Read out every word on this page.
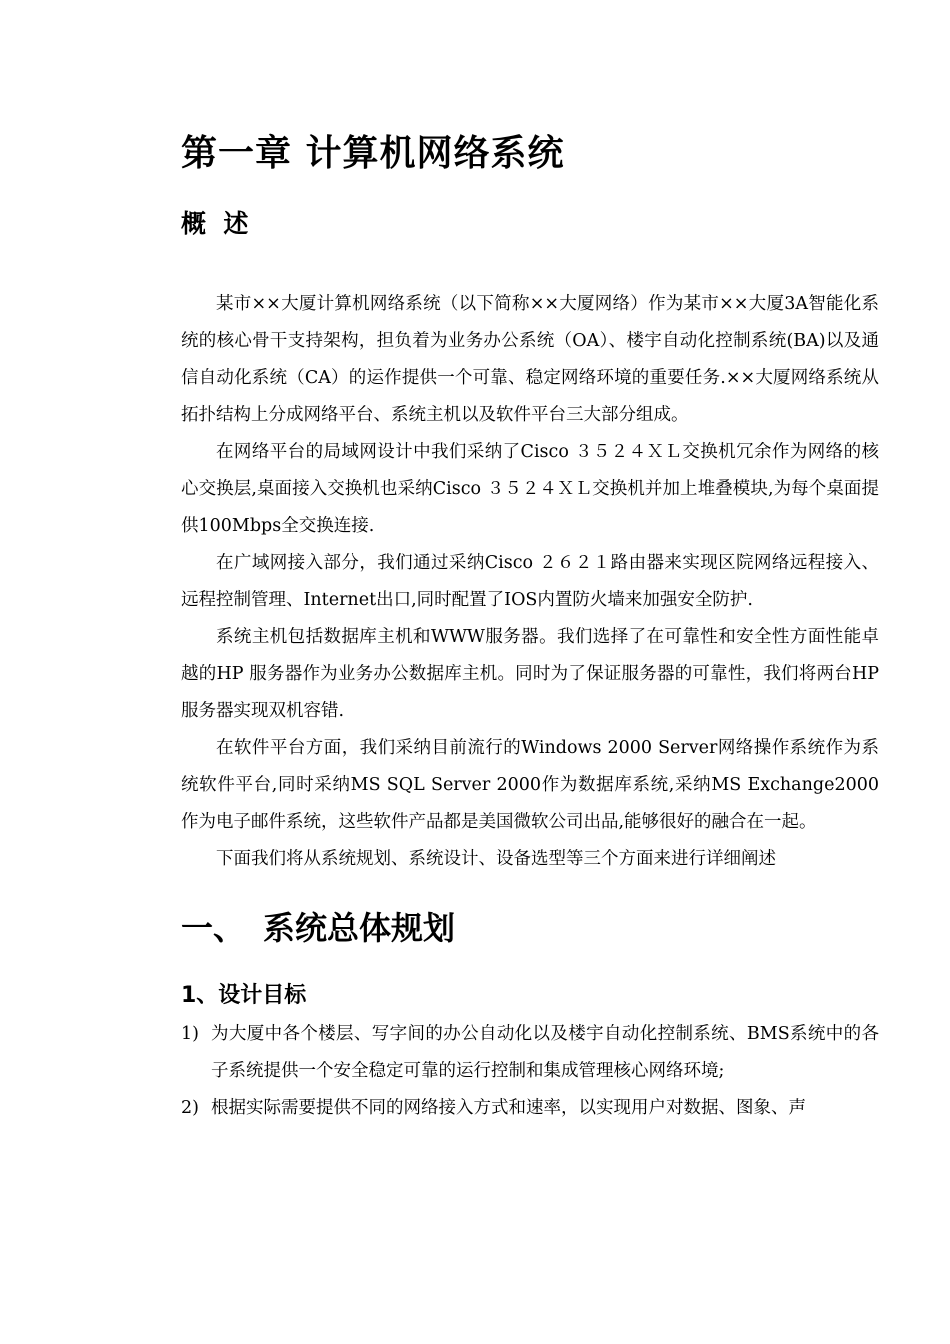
第一章 计算机网络系统
概  述

某市××大厦计算机网络系统（以下简称××大厦网络）作为某市××大厦3A智能化系统的核心骨干支持架构，担负着为业务办公系统（OA）、楼宇自动化控制系统(BA)以及通信自动化系统（CA）的运作提供一个可靠、稳定网络环境的重要任务.××大厦网络系统从拓扑结构上分成网络平台、系统主机以及软件平台三大部分组成。

在网络平台的局域网设计中我们采纳了Cisco ３５２４ＸＬ交换机冗余作为网络的核心交换层,桌面接入交换机也采纳Cisco ３５２４ＸＬ交换机并加上堆叠模块,为每个桌面提供100Mbps全交换连接.

在广域网接入部分，我们通过采纳Cisco ２６２１路由器来实现区院网络远程接入、远程控制管理、Internet出口,同时配置了IOS内置防火墙来加强安全防护.

系统主机包括数据库主机和WWW服务器。我们选择了在可靠性和安全性方面性能卓越的HP 服务器作为业务办公数据库主机。同时为了保证服务器的可靠性，我们将两台HP 服务器实现双机容错.

在软件平台方面，我们采纳目前流行的Windows 2000 Server网络操作系统作为系统软件平台,同时采纳MS SQL Server 2000作为数据库系统,采纳MS Exchange2000作为电子邮件系统，这些软件产品都是美国微软公司出品,能够很好的融合在一起。

下面我们将从系统规划、系统设计、设备选型等三个方面来进行详细阐述

一、 系统总体规划
1、设计目标
1) 为大厦中各个楼层、写字间的办公自动化以及楼宇自动化控制系统、BMS系统中的各子系统提供一个安全稳定可靠的运行控制和集成管理核心网络环境;
2) 根据实际需要提供不同的网络接入方式和速率，以实现用户对数据、图象、声
